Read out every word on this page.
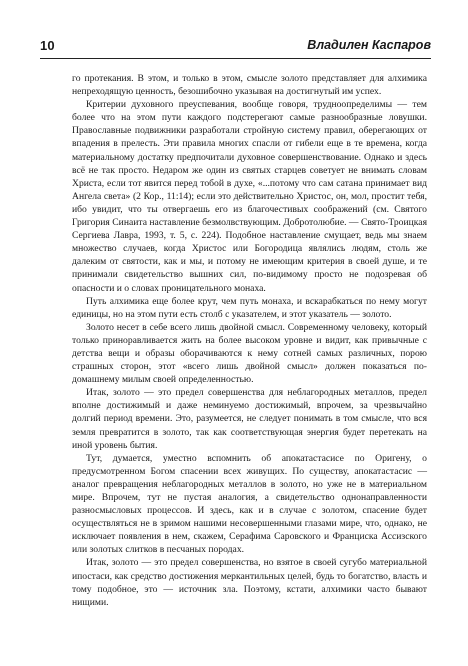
10	Владилен Каспаров

го протекания. В этом, и только в этом, смысле золото представляет для алхимика непреходящую ценность, безошибочно указывая на достигнутый им успех.

Критерии духовного преуспевания, вообще говоря, трудноопределимы — тем более что на этом пути каждого подстерегают самые разнообразные ловушки. Православные подвижники разработали стройную систему правил, оберегающих от впадения в прелесть. Эти правила многих спасли от гибели еще в те времена, когда материальному достатку предпочитали духовное совершенствование. Однако и здесь всё не так просто. Недаром же один из святых старцев советует не внимать словам Христа, если тот явится перед тобой в духе, «...потому что сам сатана принимает вид Ангела света» (2 Кор., 11:14); если это действительно Христос, он, мол, простит тебя, ибо увидит, что ты отвергаешь его из благочестивых соображений (см. Святого Григория Синаита наставление безмолвствующим. Добротолюбие. — Свято-Троицкая Сергиева Лавра, 1993, т. 5, с. 224). Подобное наставление смущает, ведь мы знаем множество случаев, когда Христос или Богородица являлись людям, столь же далеким от святости, как и мы, и потому не имеющим критерия в своей душе, и те принимали свидетельство вышних сил, по-видимому просто не подозревая об опасности и о словах проницательного монаха.

Путь алхимика еще более крут, чем путь монаха, и вскарабкаться по нему могут единицы, но на этом пути есть столб с указателем, и этот указатель — золото.

Золото несет в себе всего лишь двойной смысл. Современному человеку, который только приноравливается жить на более высоком уровне и видит, как привычные с детства вещи и образы оборачиваются к нему сотней самых различных, порою страшных сторон, этот «всего лишь двойной смысл» должен показаться по-домашнему милым своей определенностью.

Итак, золото — это предел совершенства для неблагородных металлов, предел вполне достижимый и даже неминуемо достижимый, впрочем, за чрезвычайно долгий период времени. Это, разумеется, не следует понимать в том смысле, что вся земля превратится в золото, так как соответствующая энергия будет перетекать на иной уровень бытия.

Тут, думается, уместно вспомнить об апокатастасисе по Оригену, о предусмотренном Богом спасении всех живущих. По существу, апокатастасис — аналог превращения неблагородных металлов в золото, но уже не в материальном мире. Впрочем, тут не пустая аналогия, а свидетельство однонаправленности разносмысловых процессов. И здесь, как и в случае с золотом, спасение будет осуществляться не в зримом нашими несовершенными глазами мире, что, однако, не исключает появления в нем, скажем, Серафима Саровского и Франциска Ассизского или золотых слитков в песчаных породах.

Итак, золото — это предел совершенства, но взятое в своей сугубо материальной ипостаси, как средство достижения меркантильных целей, будь то богатство, власть и тому подобное, это — источник зла. Поэтому, кстати, алхимики часто бывают нищими.
